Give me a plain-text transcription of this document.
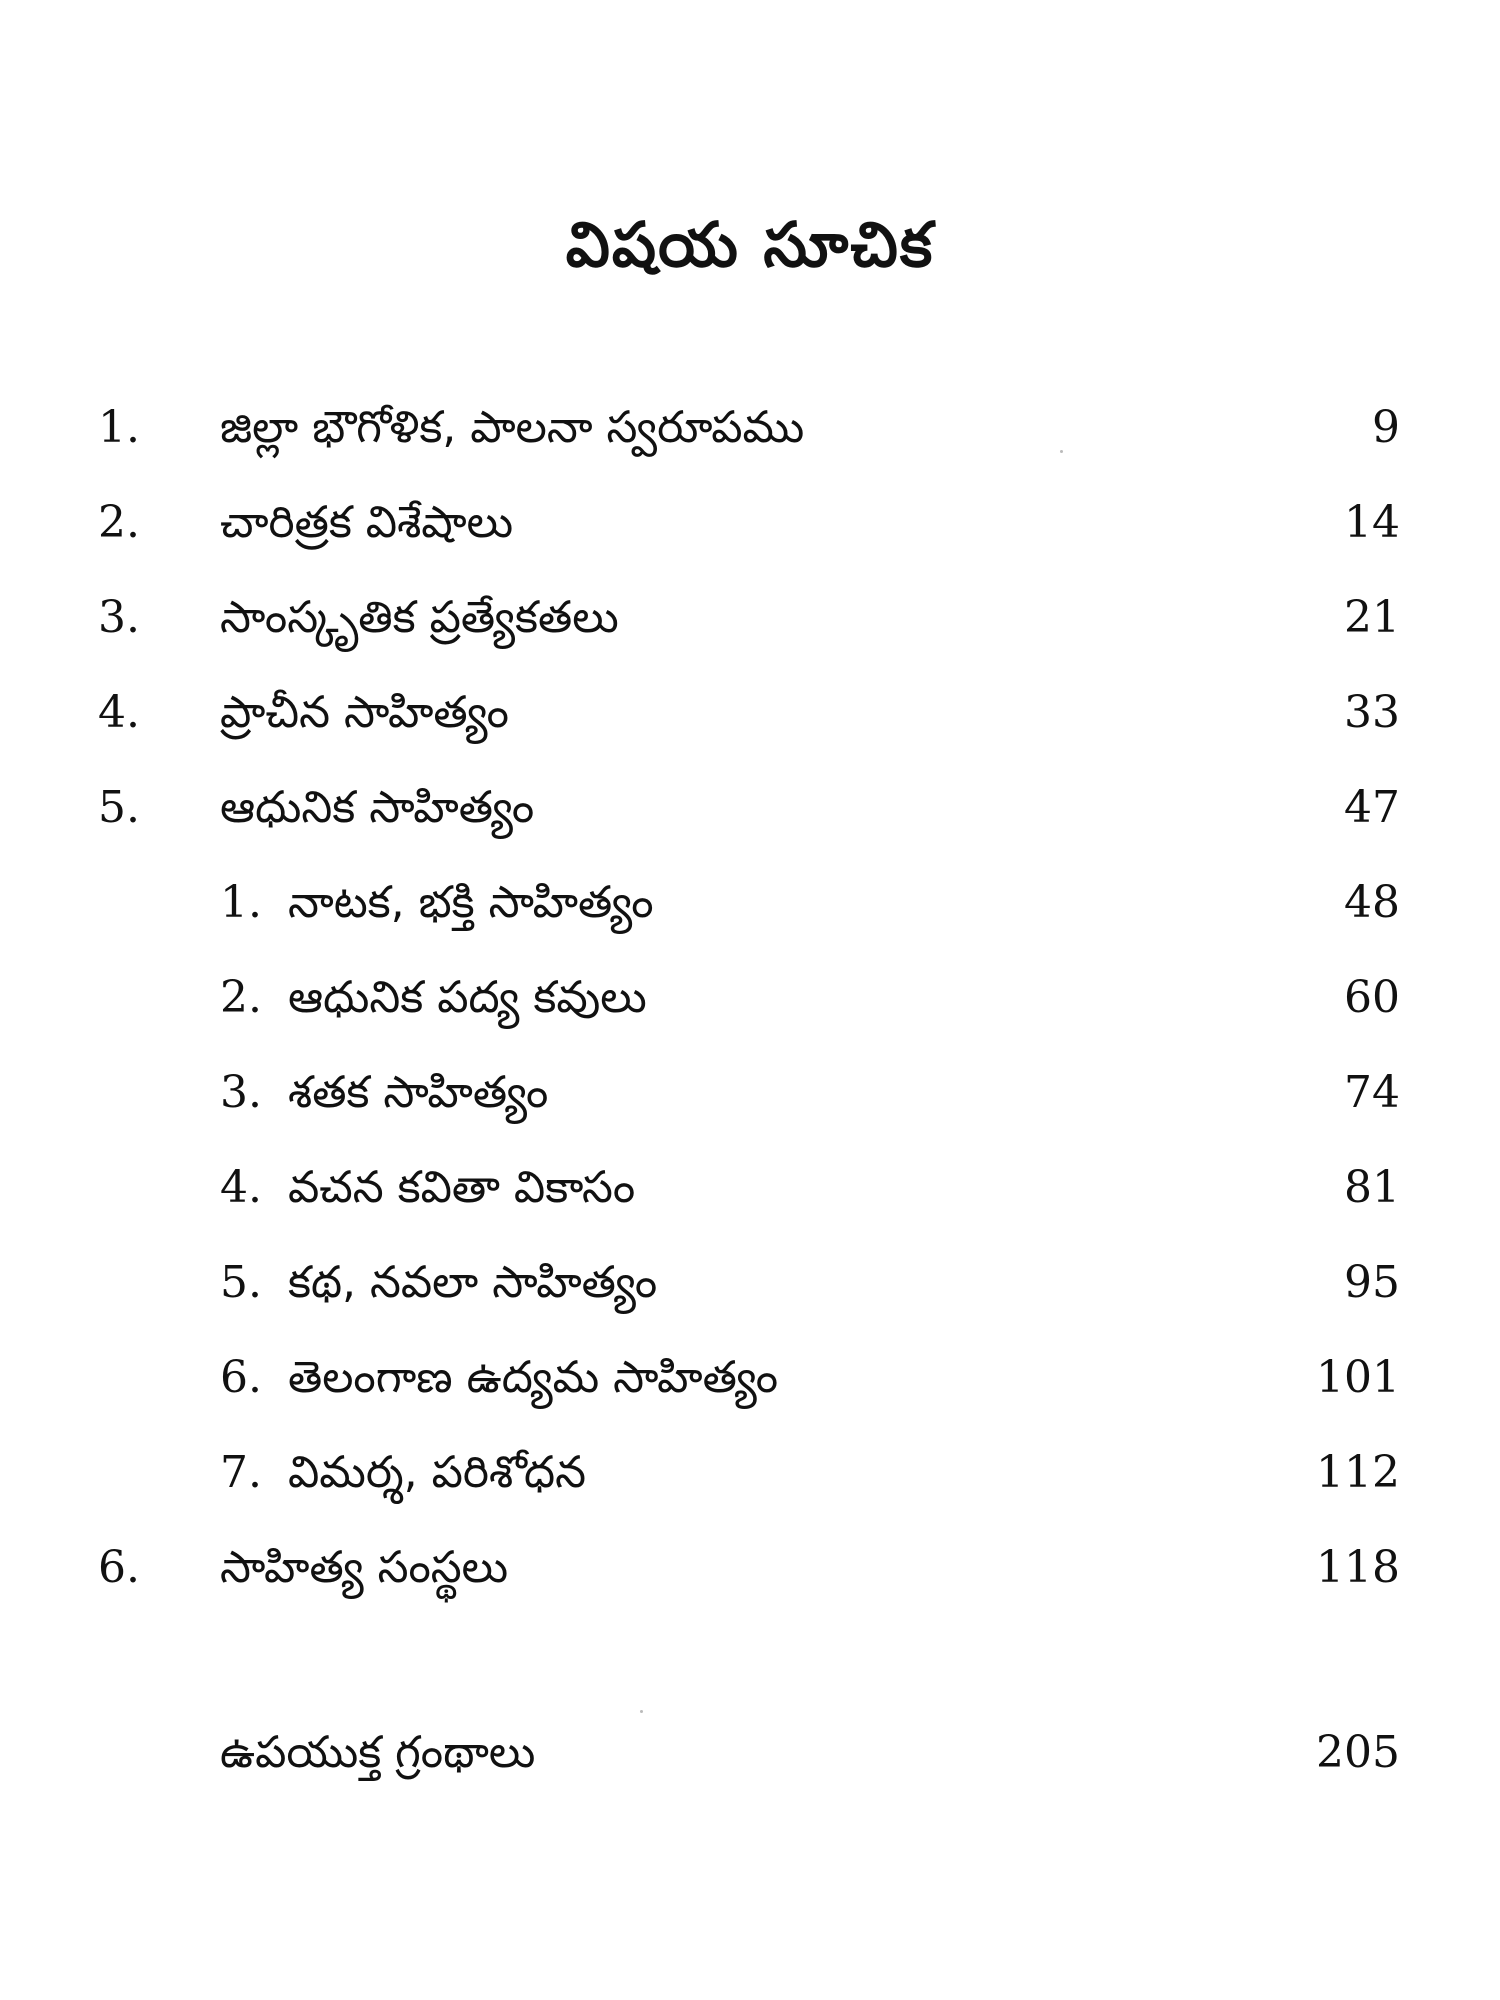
విషయ సూచిక
1. జిల్లా భౌగోళిక, పాలనా స్వరూపము	9
2. చారిత్రక విశేషాలు	14
3. సాంస్కృతిక ప్రత్యేకతలు	21
4. ప్రాచీన సాహిత్యం	33
5. ఆధునిక సాహిత్యం	47
1. నాటక, భక్తి సాహిత్యం	48
2. ఆధునిక పద్య కవులు	60
3. శతక సాహిత్యం	74
4. వచన కవితా వికాసం	81
5. కథ, నవలా సాహిత్యం	95
6. తెలంగాణ ఉద్యమ సాహిత్యం	101
7. విమర్శ, పరిశోధన	112
6. సాహిత్య సంస్థలు	118
ఉపయుక్త గ్రంథాలు	205
